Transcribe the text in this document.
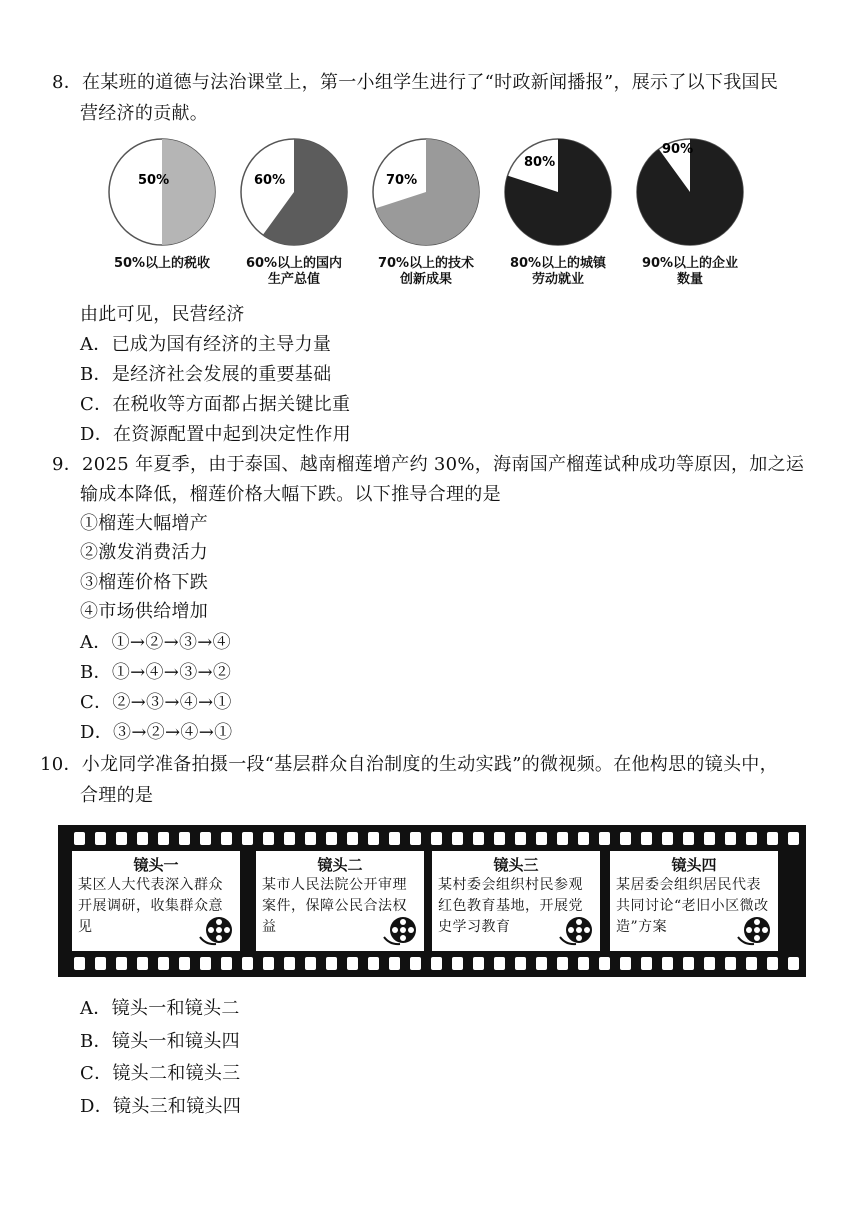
8．在某班的道德与法治课堂上，第一小组学生进行了“时政新闻播报”，展示了以下我国民
营经济的贡献。
50%
50%以上的税收
60%
60%以上的国内
生产总值
70%
70%以上的技术
创新成果
80%
80%以上的城镇
劳动就业
90%
90%以上的企业
数量
由此可见，民营经济
A．已成为国有经济的主导力量
B．是经济社会发展的重要基础
C．在税收等方面都占据关键比重
D．在资源配置中起到决定性作用
9．2025 年夏季，由于泰国、越南榴莲增产约 30%，海南国产榴莲试种成功等原因，加之运
输成本降低，榴莲价格大幅下跌。以下推导合理的是
①榴莲大幅增产
②激发消费活力
③榴莲价格下跌
④市场供给增加
A．①→②→③→④
B．①→④→③→②
C．②→③→④→①
D．③→②→④→①
10．小龙同学准备拍摄一段“基层群众自治制度的生动实践”的微视频。在他构思的镜头中，
合理的是
镜头一
某区人大代表深入群众开展调研，收集群众意见
镜头二
某市人民法院公开审理案件，保障公民合法权益
镜头三
某村委会组织村民参观红色教育基地，开展党史学习教育
镜头四
某居委会组织居民代表共同讨论“老旧小区微改造”方案
A．镜头一和镜头二
B．镜头一和镜头四
C．镜头二和镜头三
D．镜头三和镜头四
